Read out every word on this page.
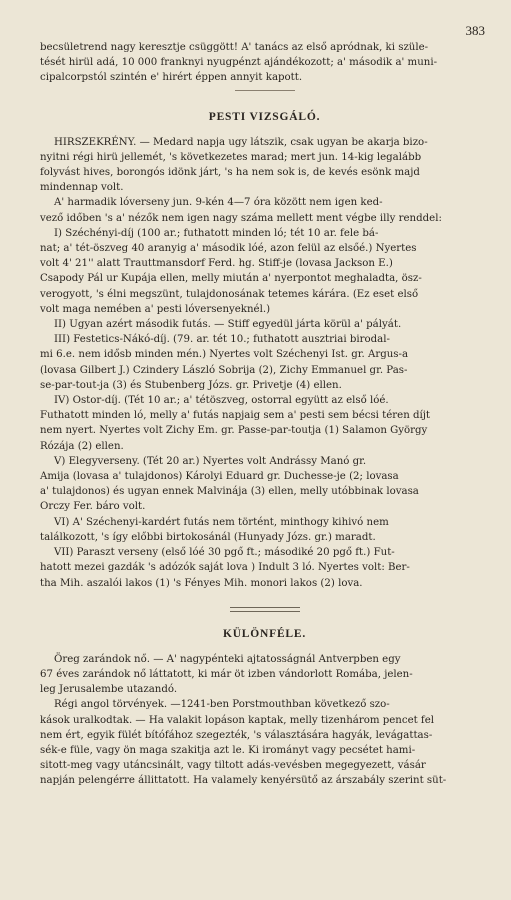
383

becsületrend nagy keresztje csüggött! A' tanács az első apródnak, ki szüle-
tését hirül adá, 10 000 franknyi nyugpénzt ajándékozott; a' második a' muni-
cipalcorpstól szintén e' hirért éppen annyit kapott.

PESTI VIZSGÁLÓ.

HIRSZEKRÉNY. — Medard napja ugy látszik, csak ugyan be akarja bizo-
nyitni régi hirü jellemét, 's következetes marad; mert jun. 14-kig legalább
folyvást hives, borongós idönk járt, 's ha nem sok is, de kevés esönk majd
mindennap volt.

A' harmadik lóverseny jun. 9-kén 4—7 óra között nem igen ked-
vező időben 's a' nézők nem igen nagy száma mellett ment végbe illy renddel:

I) Széchényi-díj (100 ar.; futhatott minden ló; tét 10 ar. fele bá-
nat; a' tét-öszveg 40 aranyig a' második lóé, azon felül az elsőé.) Nyertes
volt 4' 21'' alatt Trauttmansdorf Ferd. hg. Stiff-je (lovasa Jackson E.)
Csapody Pál ur Kupája ellen, melly miután a' nyerpontot meghaladta, ösz-
verogyott, 's élni megszünt, tulajdonosának tetemes kárára. (Ez eset első
volt maga nemében a' pesti lóversenyeknél.)

II) Ugyan azért második futás. — Stiff egyedül járta körül a' pályát.

III) Festetics-Nákó-díj. (79. ar. tét 10.; futhatott ausztriai birodal-
mi 6.e. nem idősb minden mén.) Nyertes volt Széchenyi Ist. gr. Argus-a
(lovasa Gilbert J.) Czindery László Sobrija (2), Zichy Emmanuel gr. Pas-
se-par-tout-ja (3) és Stubenberg Józs. gr. Privetje (4) ellen.

IV) Ostor-díj. (Tét 10 ar.; a' tétöszveg, ostorral együtt az első lóé.
Futhatott minden ló, melly a' futás napjaig sem a' pesti sem bécsi téren díjt
nem nyert. Nyertes volt Zichy Em. gr. Passe-par-toutja (1) Salamon György
Rózája (2) ellen.

V) Elegyverseny. (Tét 20 ar.) Nyertes volt Andrássy Manó gr.
Amija (lovasa a' tulajdonos) Károlyi Eduard gr. Duchesse-je (2; lovasa
a' tulajdonos) és ugyan ennek Malvinája (3) ellen, melly utóbbinak lovasa
Orczy Fer. báro volt.

VI) A' Széchenyi-kardért futás nem történt, minthogy kihivó nem
találkozott, 's így előbbi birtokosánál (Hunyady Józs. gr.) maradt.

VII) Paraszt verseny (első lóé 30 pgő ft.; másodiké 20 pgő ft.) Fut-
hatott mezei gazdák 's adózók saját lova ) Indult 3 ló. Nyertes volt: Ber-
tha Mih. aszalói lakos (1) 's Fényes Mih. monori lakos (2) lova.

KÜLÖNFÉLE.

Öreg zarándok nő. — A' nagypénteki ajtatosságnál Antverpben egy
67 éves zarándok nő láttatott, ki már öt izben vándorlott Romába, jelen-
leg Jerusalembe utazandó.

Régi angol törvények. —1241-ben Porstmouthban következő szo-
kások uralkodtak. — Ha valakit lopáson kaptak, melly tizenhárom pencet fel
nem ért, egyik fülét bítófához szegezték, 's választására hagyák, levágattas-
sék-e füle, vagy ön maga szakitja azt le. Ki irományt vagy pecsétet hami-
sitott-meg vagy utáncsinált, vagy tiltott adás-vevésben megegyezett, vásár
napján pelengérre állittatott. Ha valamely kenyérsütő az árszabály szerint süt-
